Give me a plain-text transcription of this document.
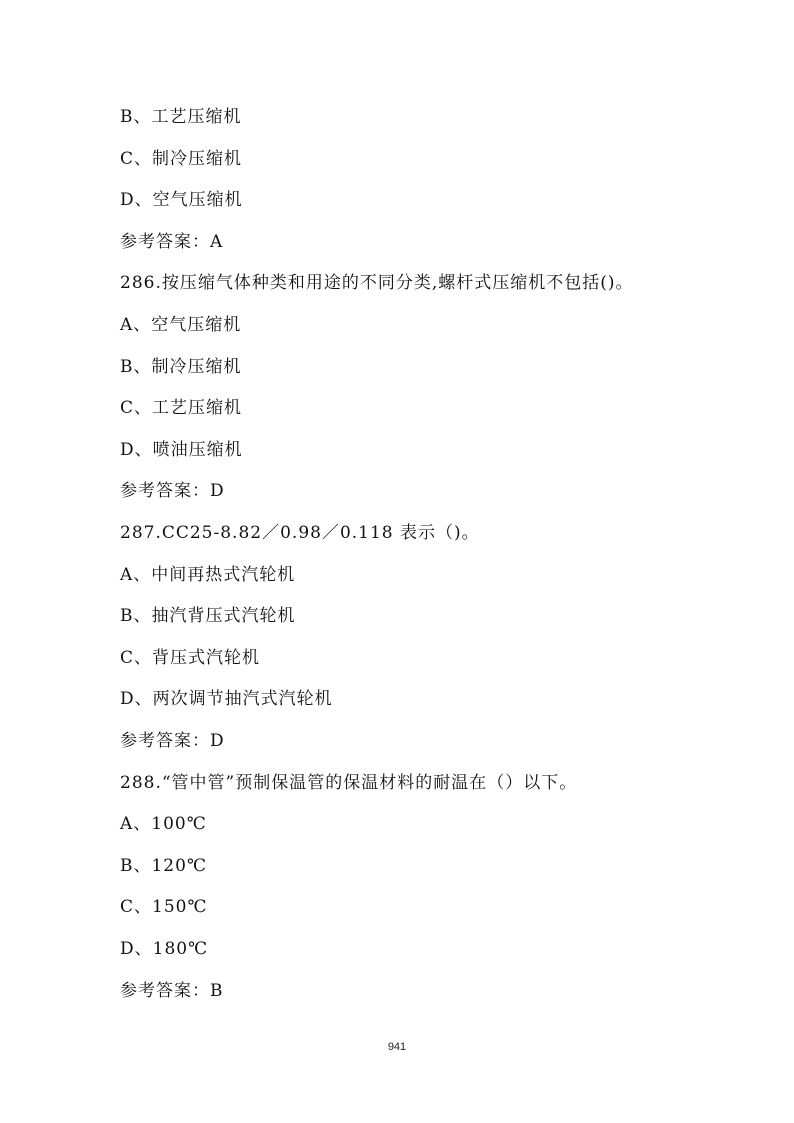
B、工艺压缩机
C、制冷压缩机
D、空气压缩机
参考答案：A
286.按压缩气体种类和用途的不同分类,螺杆式压缩机不包括()。
A、空气压缩机
B、制冷压缩机
C、工艺压缩机
D、喷油压缩机
参考答案：D
287.CC25-8.82／0.98／0.118 表示（)。
A、中间再热式汽轮机
B、抽汽背压式汽轮机
C、背压式汽轮机
D、两次调节抽汽式汽轮机
参考答案：D
288.“管中管”预制保温管的保温材料的耐温在（）以下。
A、100℃
B、120℃
C、150℃
D、180℃
参考答案：B
941
